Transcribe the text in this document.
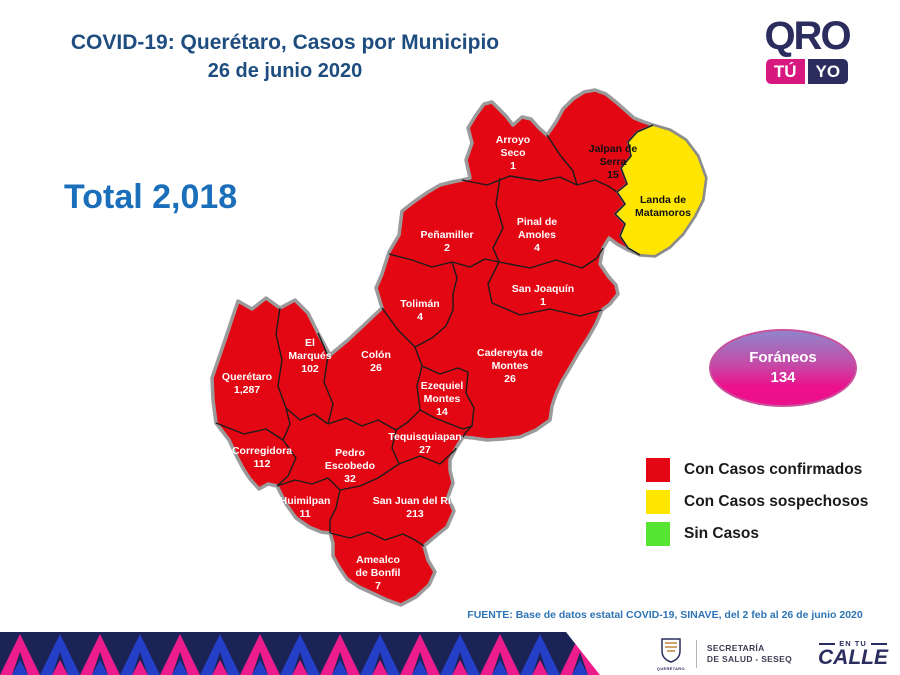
COVID-19: Querétaro, Casos por Municipio
26 de junio 2020
QRO
TÚ	YO
Total 2,018
Arroyo Seco 1
Jalpan de Serra 15
Landa de Matamoros
Pinal de Amoles 4
Peñamiller 2
Tolimán 4
San Joaquín 1
Cadereyta de Montes 26
Colón 26
El Marqués 102
Querétaro 1,287	Ezequiel Montes 14
Tequisquiapan 27
Corregidora 112
Pedro Escobedo 32
Huimilpan 11
San Juan del Río 213
Amealco de Bonfil 7
Foráneos
134
Con Casos confirmados
Con Casos sospechosos
Sin Casos
FUENTE: Base de datos estatal COVID-19, SINAVE, del 2 feb al 26 de junio 2020
QUERÉTARO
SECRETARÍA
DE SALUD - SESEQ
EN TU
CALLE
